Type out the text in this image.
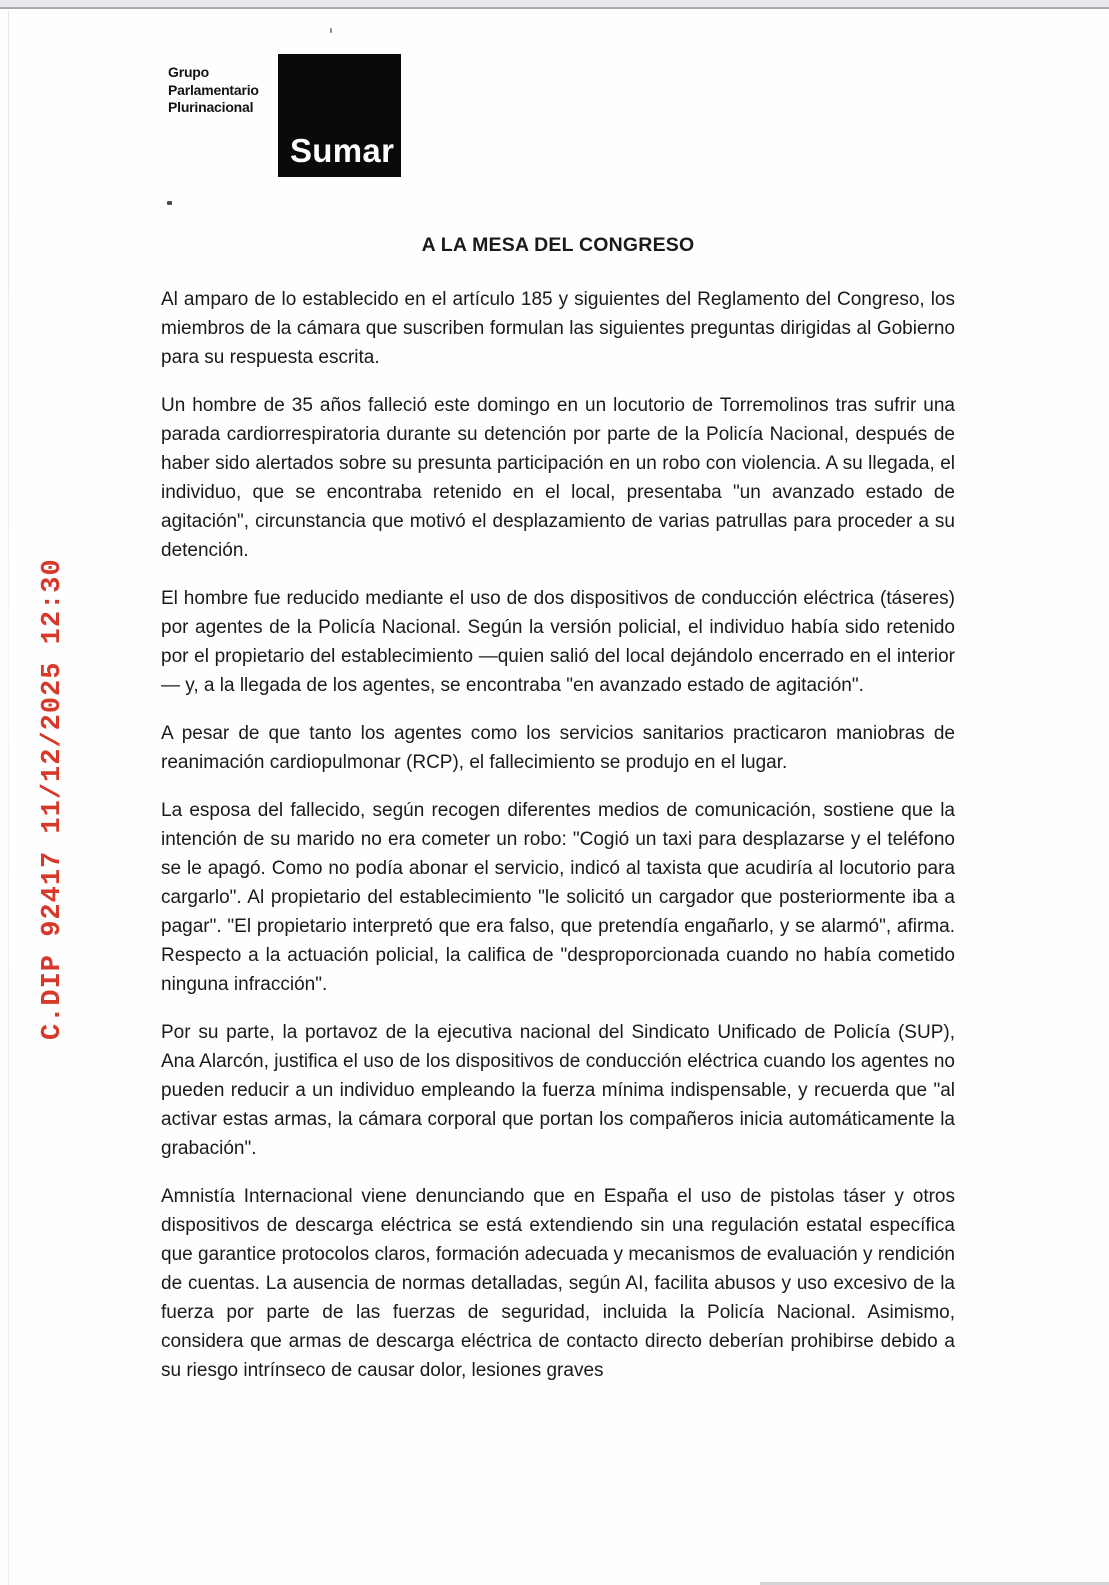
C.DIP 92417 11/12/2025 12:30
Grupo
Parlamentario
Plurinacional
Sumar
A LA MESA DEL CONGRESO

Al amparo de lo establecido en el artículo 185 y siguientes del Reglamento del Congreso, los miembros de la cámara que suscriben formulan las siguientes preguntas dirigidas al Gobierno para su respuesta escrita.

Un hombre de 35 años falleció este domingo en un locutorio de Torremolinos tras sufrir una parada cardiorrespiratoria durante su detención por parte de la Policía Nacional, después de haber sido alertados sobre su presunta participación en un robo con violencia. A su llegada, el individuo, que se encontraba retenido en el local, presentaba "un avanzado estado de agitación", circunstancia que motivó el desplazamiento de varias patrullas para proceder a su detención.

El hombre fue reducido mediante el uso de dos dispositivos de conducción eléctrica (táseres) por agentes de la Policía Nacional. Según la versión policial, el individuo había sido retenido por el propietario del establecimiento —quien salió del local dejándolo encerrado en el interior— y, a la llegada de los agentes, se encontraba "en avanzado estado de agitación".

A pesar de que tanto los agentes como los servicios sanitarios practicaron maniobras de reanimación cardiopulmonar (RCP), el fallecimiento se produjo en el lugar.

La esposa del fallecido, según recogen diferentes medios de comunicación, sostiene que la intención de su marido no era cometer un robo: "Cogió un taxi para desplazarse y el teléfono se le apagó. Como no podía abonar el servicio, indicó al taxista que acudiría al locutorio para cargarlo". Al propietario del establecimiento "le solicitó un cargador que posteriormente iba a pagar". "El propietario interpretó que era falso, que pretendía engañarlo, y se alarmó", afirma. Respecto a la actuación policial, la califica de "desproporcionada cuando no había cometido ninguna infracción".

Por su parte, la portavoz de la ejecutiva nacional del Sindicato Unificado de Policía (SUP), Ana Alarcón, justifica el uso de los dispositivos de conducción eléctrica cuando los agentes no pueden reducir a un individuo empleando la fuerza mínima indispensable, y recuerda que "al activar estas armas, la cámara corporal que portan los compañeros inicia automáticamente la grabación".

Amnistía Internacional viene denunciando que en España el uso de pistolas táser y otros dispositivos de descarga eléctrica se está extendiendo sin una regulación estatal específica que garantice protocolos claros, formación adecuada y mecanismos de evaluación y rendición de cuentas. La ausencia de normas detalladas, según AI, facilita abusos y uso excesivo de la fuerza por parte de las fuerzas de seguridad, incluida la Policía Nacional. Asimismo, considera que armas de descarga eléctrica de contacto directo deberían prohibirse debido a su riesgo intrínseco de causar dolor, lesiones graves
